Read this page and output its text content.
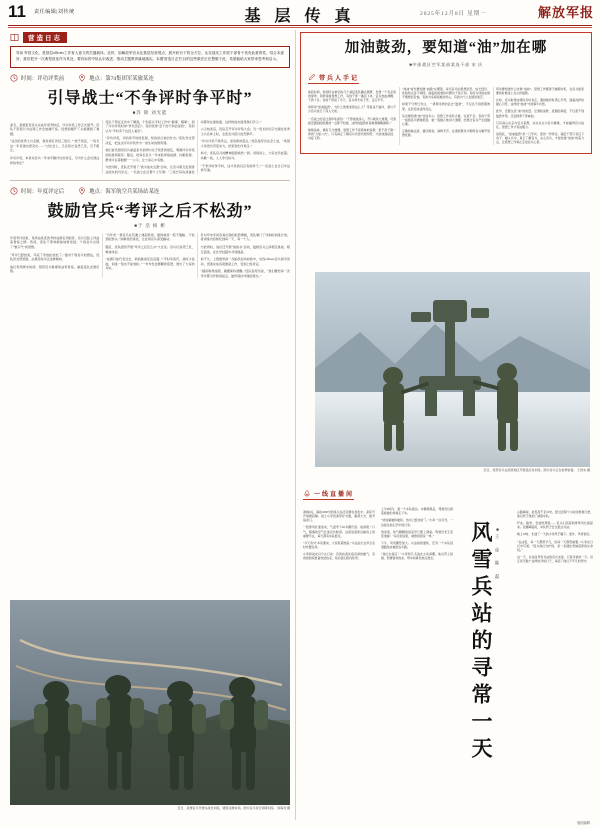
11 责任编辑|刘传统	基 层 传 真	2025年12月8日 星期一	解放军报
营造日志
导读 军营文化，是基层officers工作育人意义的关键载体。近时，如解放军官兵比基层经营观点，展开砖台下的全方位，从实战实工作抓干部骨干具有此重的性，结合本意旨，我们把开一次典型营连作为具处，要有标的中队认识改进，推动主题教育落地落实。本期'营造日志'栏目的这些做法正在想做于此，希望能给大家带来思考和启示。
时间：评功评奖前	地点：第74集团军某旅某连
引导战士“不争评时争平时”
■苏 锦 刘光能

深冬，某旅某连官兵完成年度考核后，评功评奖工作正式展开。连队干部原以为这项工作会波澜不惊，没想到刚开了头就遇到了难题。

“这次的优秀士兵名额，我觉得应该给三班长。”“我不同意，一班长这一年表现也很突出……”讨论会上，几名班长各抒己见，互不相让。

评功评奖，本是对官兵一年来辛勤付出的肯定，可为什么会出现这样的争论？

连队干部在走访中了解到，个别官兵平时工作中“躲事、避事”，到了评功评奖时却“争先恐后”。有的觉得“会干的不如会说的”，有的认为“平时多干也没人看见”。

“评功评奖，评的是平时的表现，奖的是日常的付出。”连队党支部决定，把这次评功评奖作为一堂生动的教育课。

他们首先组织官兵重温条令条例中关于奖惩的规定，明确评功评奖的标准和程序；随后，把每名官兵一年来的训练成绩、执勤表现、群众评议等数据一一公示，让大家心中有数。

与此同时，连队还开展了“我为战友点赞”活动，让官兵相互发现身边战友的闪光点。一名战士在点赞卡上写道：“三班长每次战备拉动都冲在最前面，这样的战友值得我们学习。”

公示结束后，连队召开评功评奖大会。当一班长的名字出现在优秀士兵名单上时，全连官兵报以热烈掌声。

“评功评奖不是终点，而是新的起点。”连队指导员在会上说，“希望大家把功劳变动力，把荣誉化作责任。”

如今，连队官兵的精神面貌焕然一新。训练场上，大家比学赶超；执勤一线，人人争当标兵。

“不争评时争平时，这才是我们应有的样子。”一名战士在日记中这样写道。

时间：年度评定后	地点：海军航空兵某场站某连
鼓励官兵“考评之后不松劲”
■于 浩 杨 彬

年度考评结束，某场站某连的考核成绩名列前茅，官兵们脸上洋溢着喜悦之情。然而，连队干部却敏锐地察觉到，个别官兵出现了“歇口气”的思想。

“考评已经结束，年底了该放松放松了。”面对个别官兵的想法，连队党支部感到，必须及时纠正这种倾向。

他们利用周末时间，组织官兵参观场站荣誉室，重温连队发展历程。

“当年老一辈官兵在荒滩上建起机场，靠的就是一股不服输、不松劲的劲头。”讲解员的讲述，让在场官兵深受触动。

随后，连队组织开展“考评之后怎么办”大讨论。官兵们各抒己见，畅谈体会。

“成绩只能代表过去，新的挑战还在后面。”“平时多流汗，战时少流血，训练一刻也不能放松。”一句句发自肺腑的话语，道出了大家的共识。

针对岁末年初容易出现的松劲情绪，连队制订了详细的训练计划，将训练内容细化到每一天、每一个人。

与此同时，他们还开展“挑战书”活动，鼓励官兵之间相互挑战、相互促进，在比学赶超中共同提高。

前不久，上级组织的一次临机拉动检验中，该连officers官兵闻令而动，迅速完成各项准备工作，受到上级肯定。

“越是取得成绩，越要保持清醒。”连队指导员说，“我们要把每一次考评都当作新的起点，始终保持冲锋的姿态。”

近日，某旅官兵开展实战化训练，锤炼过硬本领。图为官兵进行索降训练。 徐海涛 摄
加油鼓劲，要知道“油”加在哪
■中部战区空军某部某连干部 宋 庆
带兵人手记

前段时间，我到所在单位的几个基层连队蹲点调研，发现一个有意思的现象：同样是做思想工作，有的干部一番话下来，官兵热血沸腾、干劲十足；有的干部说了半天，官兵却无动于衷、反应平平。

同样是“加油鼓劲”，为什么效果差别这么大？带着这个疑问，我与不少官兵进行了深入交谈。

一名战士的话让我印象深刻：“干部找我谈心，开口就是大道理，可我最近遇到的困难他一点都不知道，这样的鼓劲听着就像隔靴搔痒。”

细细品味，确有几分道理。思想工作不是简单的说教，更不是千篇一律的“万能公式”。只有真正了解官兵所思所想所盼，才能找准症结、对症下药。

“加油”首先要知道“油箱”在哪里。每名官兵的思想状况、成长经历、性格特点各不相同，面临的困难和问题也千差万别。有的为训练成绩不理想而苦恼，有的为家庭困难而忧心，有的为个人发展而迷茫。

如果不分青红皂白，一律用同样的话去“鼓劲”，不仅达不到预期效果，反而可能适得其反。

其次要知道“油”该加多少。思想工作讲究火候，过犹不及。有的干部一看到官兵情绪低落，就一股脑儿地讲大道理，结果让官兵产生抵触心理。

正确的做法是，循序渐进、润物无声，在潜移默化中帮助官兵解开思想疙瘩。

再次要知道什么时候“加油”。思想工作要善于捕捉时机，在官兵最需要的时候送上关心和鼓励。

比如，官兵取得成绩时及时肯定，遇到挫折时悉心开导，面临选择时耐心引导，这样的“加油”才能事半功倍。

此外，还要注意“油”的质量。空洞的说教、虚假的承诺，不仅起不到鼓劲作用，还会损害干部威信。

只有真心实意为官兵着想，实实在在为官兵解难，才能赢得官兵信任，思想工作才有说服力。

说到底，“加油鼓劲”是一门学问，更是一份责任。基层干部只有沉下身子、融入兵中，真正了解官兵、关心官兵，才能找准“加油”的着力点，让思想工作真正走进官兵心里。

近日，某部官兵在高原地区开展适应性训练。图为官兵正在检修装备。 王秋实 摄
一线直播间

清晨6点，海拔4500米的某兵站还沉睡在夜色中，起床号声划破寂静。战士小李迅速穿好衣服，裹紧大衣，推开宿舍门。

一股寒风扑面而来，气温零下20多摄氏度。他深吸一口气，稀薄的空气让他有些眩晕。这里是高原运输线上的重要节点，每天都有车队经过。

“今天有3个车队要来，大家抓紧准备。”兵站站长在早点名时布置任务。

小李和战友们分头行动：有的检查住宿房间的暖气，有的到厨房准备热饭热菜，有的清扫院内积雪。

上午9时许，第一个车队抵达。车辆停稳后，驾驶员们拖着疲惫的身躯走下车。

“快进屋暖和暖和，热水已经烧好了。”小李一边引导，一边接过他们手中的行李。

食堂里，热气腾腾的饭菜早已摆上餐桌。驾驶员老王连连道谢：“每次到这里，就像回到家一样。”

下午，风雪骤然加大。兵站接到通知，还有一个车队因道路结冰被困在半路。

“我们去接应！”小李和几名战友主动请缨。他们带上铁锹、防滑链和热水，驾车向事发地点驶去。	风雪兵站的寻常一天 ■王 彦 陈 磊

山路崎岖，能见度不足10米。经过近两个小时的艰难行驶，他们终于找到了被困车队。

铲冰、除雪、安装防滑链……官兵们顶着刺骨寒风忙碌起来。夜幕降临时，车队终于安全抵达兵站。

晚上10时，忙碌了一天的小李终于躺下。窗外，风雪依旧。

“在这里，每一天都很平凡，但每一天都很重要。”小李在日记中写道，“因为我们守护的，是一条通往雪域高原的生命线。”

这一天，对这座风雪兵站的官兵来说，只是寻常的一天。但正是无数个这样的寻常日子，串起了他们不平凡的坚守。

版面编辑
